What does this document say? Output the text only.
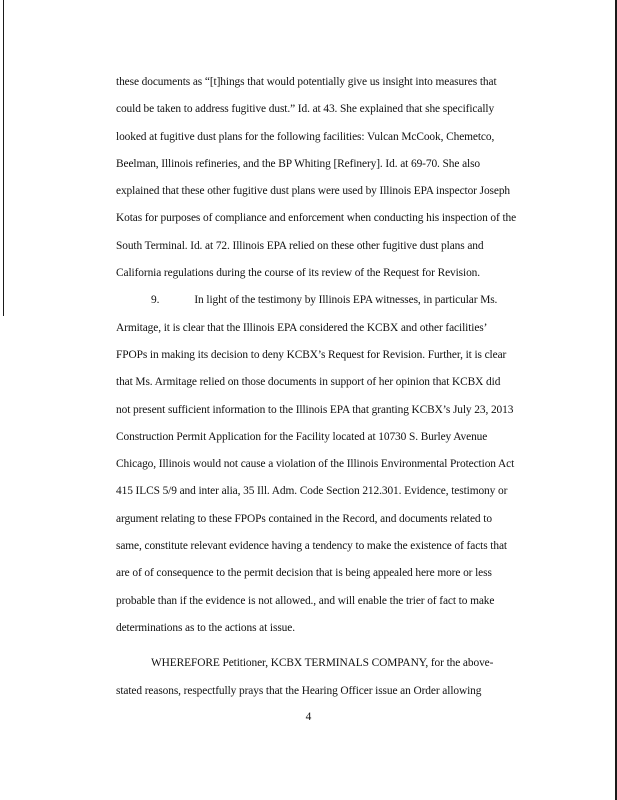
these documents as “[t]hings that would potentially give us insight into measures that
could be taken to address fugitive dust.” Id. at 43. She explained that she specifically
looked at fugitive dust plans for the following facilities: Vulcan McCook, Chemetco,
Beelman, Illinois refineries, and the BP Whiting [Refinery]. Id. at 69-70. She also
explained that these other fugitive dust plans were used by Illinois EPA inspector Joseph
Kotas for purposes of compliance and enforcement when conducting his inspection of the
South Terminal. Id. at 72. Illinois EPA relied on these other fugitive dust plans and
California regulations during the course of its review of the Request for Revision.
9.	In light of the testimony by Illinois EPA witnesses, in particular Ms.
Armitage, it is clear that the Illinois EPA considered the KCBX and other facilities’
FPOPs in making its decision to deny KCBX’s Request for Revision. Further, it is clear
that Ms. Armitage relied on those documents in support of her opinion that KCBX did
not present sufficient information to the Illinois EPA that granting KCBX’s July 23, 2013
Construction Permit Application for the Facility located at 10730 S. Burley Avenue
Chicago, Illinois would not cause a violation of the Illinois Environmental Protection Act
415 ILCS 5/9 and inter alia, 35 Ill. Adm. Code Section 212.301. Evidence, testimony or
argument relating to these FPOPs contained in the Record, and documents related to
same, constitute relevant evidence having a tendency to make the existence of facts that
are of of consequence to the permit decision that is being appealed here more or less
probable than if the evidence is not allowed., and will enable the trier of fact to make
determinations as to the actions at issue.
WHEREFORE Petitioner, KCBX TERMINALS COMPANY, for the above-
stated reasons, respectfully prays that the Hearing Officer issue an Order allowing
4
